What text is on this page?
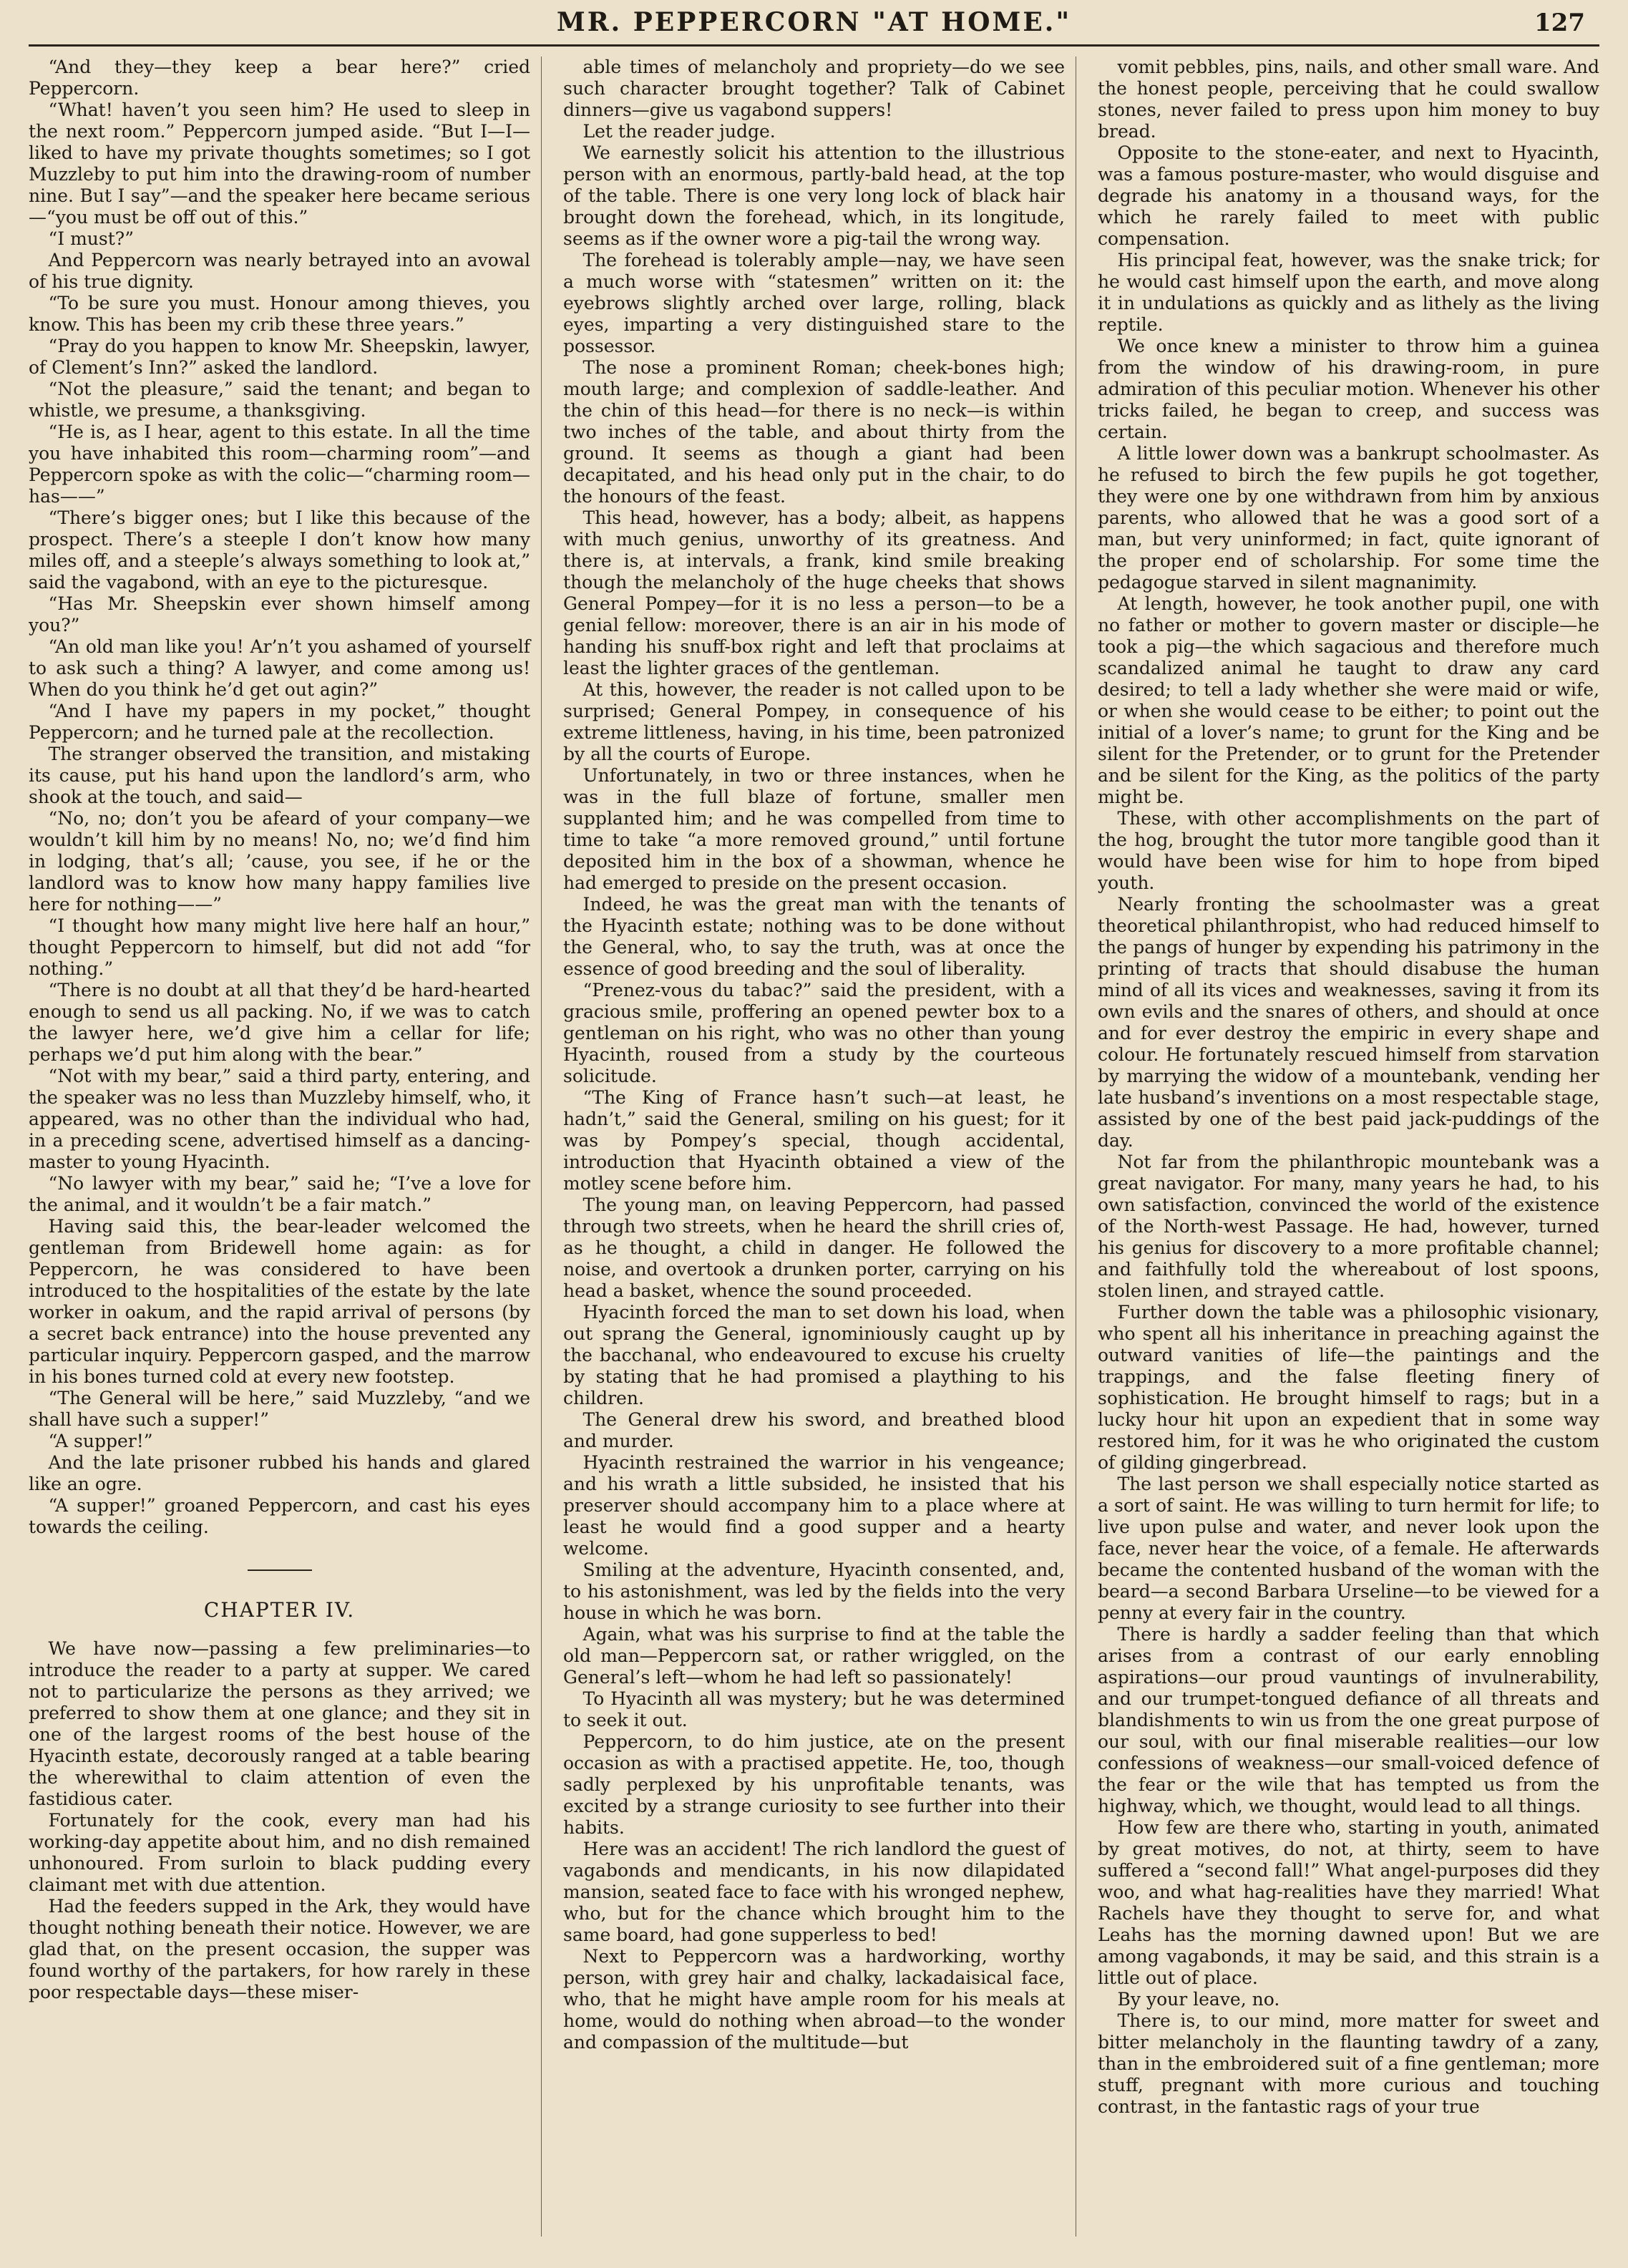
MR. PEPPERCORN "AT HOME."	127

“And they—they keep a bear here?” cried Peppercorn.

“What! haven’t you seen him? He used to sleep in the next room.” Peppercorn jumped aside. “But I—I—liked to have my private thoughts sometimes; so I got Muzzleby to put him into the drawing-room of number nine. But I say”—and the speaker here became serious—“you must be off out of this.”

“I must?”

And Peppercorn was nearly betrayed into an avowal of his true dignity.

“To be sure you must. Honour among thieves, you know. This has been my crib these three years.”

“Pray do you happen to know Mr. Sheepskin, lawyer, of Clement’s Inn?” asked the landlord.

“Not the pleasure,” said the tenant; and began to whistle, we presume, a thanksgiving.

“He is, as I hear, agent to this estate. In all the time you have inhabited this room—charming room”—and Peppercorn spoke as with the colic—“charming room—has——”

“There’s bigger ones; but I like this because of the prospect. There’s a steeple I don’t know how many miles off, and a steeple’s always something to look at,” said the vagabond, with an eye to the picturesque.

“Has Mr. Sheepskin ever shown himself among you?”

“An old man like you! Ar’n’t you ashamed of yourself to ask such a thing? A lawyer, and come among us! When do you think he’d get out agin?”

“And I have my papers in my pocket,” thought Peppercorn; and he turned pale at the recollection.

The stranger observed the transition, and mistaking its cause, put his hand upon the landlord’s arm, who shook at the touch, and said—

“No, no; don’t you be afeard of your company—we wouldn’t kill him by no means! No, no; we’d find him in lodging, that’s all; ’cause, you see, if he or the landlord was to know how many happy families live here for nothing——”

“I thought how many might live here half an hour,” thought Peppercorn to himself, but did not add “for nothing.”

“There is no doubt at all that they’d be hard-hearted enough to send us all packing. No, if we was to catch the lawyer here, we’d give him a cellar for life; perhaps we’d put him along with the bear.”

“Not with my bear,” said a third party, entering, and the speaker was no less than Muzzleby himself, who, it appeared, was no other than the individual who had, in a preceding scene, advertised himself as a dancing-master to young Hyacinth.

“No lawyer with my bear,” said he; “I’ve a love for the animal, and it wouldn’t be a fair match.”

Having said this, the bear-leader welcomed the gentleman from Bridewell home again: as for Peppercorn, he was considered to have been introduced to the hospitalities of the estate by the late worker in oakum, and the rapid arrival of persons (by a secret back entrance) into the house prevented any particular inquiry. Peppercorn gasped, and the marrow in his bones turned cold at every new footstep.

“The General will be here,” said Muzzleby, “and we shall have such a supper!”

“A supper!”

And the late prisoner rubbed his hands and glared like an ogre.

“A supper!” groaned Peppercorn, and cast his eyes towards the ceiling.

CHAPTER IV.

We have now—passing a few preliminaries—to introduce the reader to a party at supper. We cared not to particularize the persons as they arrived; we preferred to show them at one glance; and they sit in one of the largest rooms of the best house of the Hyacinth estate, decorously ranged at a table bearing the wherewithal to claim attention of even the fastidious cater.

Fortunately for the cook, every man had his working-day appetite about him, and no dish remained unhonoured. From surloin to black pudding every claimant met with due attention.

Had the feeders supped in the Ark, they would have thought nothing beneath their notice. However, we are glad that, on the present occasion, the supper was found worthy of the partakers, for how rarely in these poor respectable days—these miser-

able times of melancholy and propriety—do we see such character brought together? Talk of Cabinet dinners—give us vagabond suppers!

Let the reader judge.

We earnestly solicit his attention to the illustrious person with an enormous, partly-bald head, at the top of the table. There is one very long lock of black hair brought down the forehead, which, in its longitude, seems as if the owner wore a pig-tail the wrong way.

The forehead is tolerably ample—nay, we have seen a much worse with “statesmen” written on it: the eyebrows slightly arched over large, rolling, black eyes, imparting a very distinguished stare to the possessor.

The nose a prominent Roman; cheek-bones high; mouth large; and complexion of saddle-leather. And the chin of this head—for there is no neck—is within two inches of the table, and about thirty from the ground. It seems as though a giant had been decapitated, and his head only put in the chair, to do the honours of the feast.

This head, however, has a body; albeit, as happens with much genius, unworthy of its greatness. And there is, at intervals, a frank, kind smile breaking though the melancholy of the huge cheeks that shows General Pompey—for it is no less a person—to be a genial fellow: moreover, there is an air in his mode of handing his snuff-box right and left that proclaims at least the lighter graces of the gentleman.

At this, however, the reader is not called upon to be surprised; General Pompey, in consequence of his extreme littleness, having, in his time, been patronized by all the courts of Europe.

Unfortunately, in two or three instances, when he was in the full blaze of fortune, smaller men supplanted him; and he was compelled from time to time to take “a more removed ground,” until fortune deposited him in the box of a showman, whence he had emerged to preside on the present occasion.

Indeed, he was the great man with the tenants of the Hyacinth estate; nothing was to be done without the General, who, to say the truth, was at once the essence of good breeding and the soul of liberality.

“Prenez-vous du tabac?” said the president, with a gracious smile, proffering an opened pewter box to a gentleman on his right, who was no other than young Hyacinth, roused from a study by the courteous solicitude.

“The King of France hasn’t such—at least, he hadn’t,” said the General, smiling on his guest; for it was by Pompey’s special, though accidental, introduction that Hyacinth obtained a view of the motley scene before him.

The young man, on leaving Peppercorn, had passed through two streets, when he heard the shrill cries of, as he thought, a child in danger. He followed the noise, and overtook a drunken porter, carrying on his head a basket, whence the sound proceeded.

Hyacinth forced the man to set down his load, when out sprang the General, ignominiously caught up by the bacchanal, who endeavoured to excuse his cruelty by stating that he had promised a plaything to his children.

The General drew his sword, and breathed blood and murder.

Hyacinth restrained the warrior in his vengeance; and his wrath a little subsided, he insisted that his preserver should accompany him to a place where at least he would find a good supper and a hearty welcome.

Smiling at the adventure, Hyacinth consented, and, to his astonishment, was led by the fields into the very house in which he was born.

Again, what was his surprise to find at the table the old man—Peppercorn sat, or rather wriggled, on the General’s left—whom he had left so passionately!

To Hyacinth all was mystery; but he was determined to seek it out.

Peppercorn, to do him justice, ate on the present occasion as with a practised appetite. He, too, though sadly perplexed by his unprofitable tenants, was excited by a strange curiosity to see further into their habits.

Here was an accident! The rich landlord the guest of vagabonds and mendicants, in his now dilapidated mansion, seated face to face with his wronged nephew, who, but for the chance which brought him to the same board, had gone supperless to bed!

Next to Peppercorn was a hardworking, worthy person, with grey hair and chalky, lackadaisical face, who, that he might have ample room for his meals at home, would do nothing when abroad—to the wonder and compassion of the multitude—but

vomit pebbles, pins, nails, and other small ware. And the honest people, perceiving that he could swallow stones, never failed to press upon him money to buy bread.

Opposite to the stone-eater, and next to Hyacinth, was a famous posture-master, who would disguise and degrade his anatomy in a thousand ways, for the which he rarely failed to meet with public compensation.

His principal feat, however, was the snake trick; for he would cast himself upon the earth, and move along it in undulations as quickly and as lithely as the living reptile.

We once knew a minister to throw him a guinea from the window of his drawing-room, in pure admiration of this peculiar motion. Whenever his other tricks failed, he began to creep, and success was certain.

A little lower down was a bankrupt schoolmaster. As he refused to birch the few pupils he got together, they were one by one withdrawn from him by anxious parents, who allowed that he was a good sort of a man, but very uninformed; in fact, quite ignorant of the proper end of scholarship. For some time the pedagogue starved in silent magnanimity.

At length, however, he took another pupil, one with no father or mother to govern master or disciple—he took a pig—the which sagacious and therefore much scandalized animal he taught to draw any card desired; to tell a lady whether she were maid or wife, or when she would cease to be either; to point out the initial of a lover’s name; to grunt for the King and be silent for the Pretender, or to grunt for the Pretender and be silent for the King, as the politics of the party might be.

These, with other accomplishments on the part of the hog, brought the tutor more tangible good than it would have been wise for him to hope from biped youth.

Nearly fronting the schoolmaster was a great theoretical philanthropist, who had reduced himself to the pangs of hunger by expending his patrimony in the printing of tracts that should disabuse the human mind of all its vices and weaknesses, saving it from its own evils and the snares of others, and should at once and for ever destroy the empiric in every shape and colour. He fortunately rescued himself from starvation by marrying the widow of a mountebank, vending her late husband’s inventions on a most respectable stage, assisted by one of the best paid jack-puddings of the day.

Not far from the philanthropic mountebank was a great navigator. For many, many years he had, to his own satisfaction, convinced the world of the existence of the North-west Passage. He had, however, turned his genius for discovery to a more profitable channel; and faithfully told the whereabout of lost spoons, stolen linen, and strayed cattle.

Further down the table was a philosophic visionary, who spent all his inheritance in preaching against the outward vanities of life—the paintings and the trappings, and the false fleeting finery of sophistication. He brought himself to rags; but in a lucky hour hit upon an expedient that in some way restored him, for it was he who originated the custom of gilding gingerbread.

The last person we shall especially notice started as a sort of saint. He was willing to turn hermit for life; to live upon pulse and water, and never look upon the face, never hear the voice, of a female. He afterwards became the contented husband of the woman with the beard—a second Barbara Urseline—to be viewed for a penny at every fair in the country.

There is hardly a sadder feeling than that which arises from a contrast of our early ennobling aspirations—our proud vauntings of invulnerability, and our trumpet-tongued defiance of all threats and blandishments to win us from the one great purpose of our soul, with our final miserable realities—our low confessions of weakness—our small-voiced defence of the fear or the wile that has tempted us from the highway, which, we thought, would lead to all things.

How few are there who, starting in youth, animated by great motives, do not, at thirty, seem to have suffered a “second fall!” What angel-purposes did they woo, and what hag-realities have they married! What Rachels have they thought to serve for, and what Leahs has the morning dawned upon! But we are among vagabonds, it may be said, and this strain is a little out of place.

By your leave, no.

There is, to our mind, more matter for sweet and bitter melancholy in the flaunting tawdry of a zany, than in the embroidered suit of a fine gentleman; more stuff, pregnant with more curious and touching contrast, in the fantastic rags of your true
